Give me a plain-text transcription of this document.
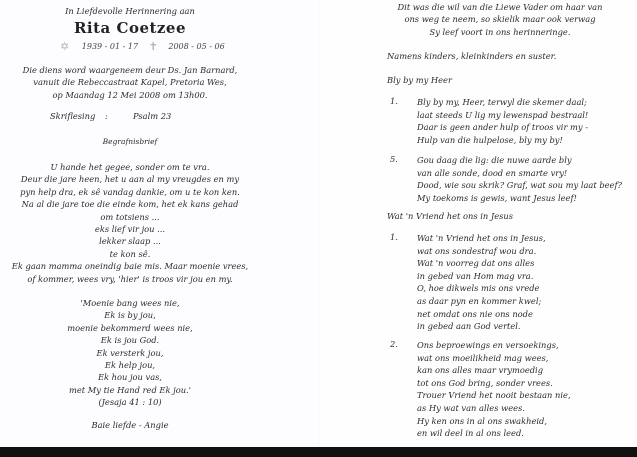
In Liefdevolle Herinnering aan
Rita Coetzee
✡ 1939 - 01 - 17 ✝ 2008 - 05 - 06
Die diens word waargeneem deur Ds. Jan Barnard,
vanuit die Rebeccastraat Kapel, Pretoria Wes,
op Maandag 12 Mei 2008 om 13h00.
Skriflesing :	Psalm 23
Begrafnisbrief
U hande het gegee, sonder om te vra.
Deur die jare heen, het u aan al my vreugdes en my
pyn help dra, ek sê vandag dankie, om u te kon ken.
Na al die jare toe die einde kom, het ek kans gehad
om totsiens ...
eks lief vir jou ...
lekker slaap ...
te kon sê.
Ek gaan mamma oneindig baie mis. Maar moenie vrees,
of kommer, wees vry, 'hier' is troos vir jou en my.
'Moenie bang wees nie,
Ek is by jou,
moenie bekommerd wees nie,
Ek is jou God.
Ek versterk jou,
Ek help jou,
Ek hou jou vas,
met My tie Hand red Ek jou.'
(Jesaja 41 : 10)
Baie liefde - Angie
Dit was die wil van die Liewe Vader om haar van
ons weg te neem, so skielik maar ook verwag
Sy leef voort in ons herinneringe.
Namens kinders, kleinkinders en suster.
Bly by my Heer
Wat 'n Vriend het ons in Jesus
1. Bly by my, Heer, terwyl die skemer daal;
laat steeds U lig my lewenspad bestraal!
Daar is geen ander hulp of troos vir my -
Hulp van die hulpelose, bly my by!
5. Gou daag die lig: die nuwe aarde bly
van alle sonde, dood en smarte vry!
Dood, wie sou skrik? Graf, wat sou my laat beef?
My toekoms is gewis, want Jesus leef!
1. Wat 'n Vriend het ons in Jesus,
wat ons sondestraf wou dra.
Wat 'n voorreg dat ons alles
in gebed van Hom mag vra.
O, hoe dikwels mis ons vrede
as daar pyn en kommer kwel;
net omdat ons nie ons node
in gebed aan God vertel.
2. Ons beproewings en versoekings,
wat ons moeilikheid mag wees,
kan ons alles maar vrymoedig
tot ons God bring, sonder vrees.
Trouer Vriend het nooit bestaan nie,
as Hy wat van alles wees.
Hy ken ons in al ons swakheid,
en wil deel in al ons leed.
